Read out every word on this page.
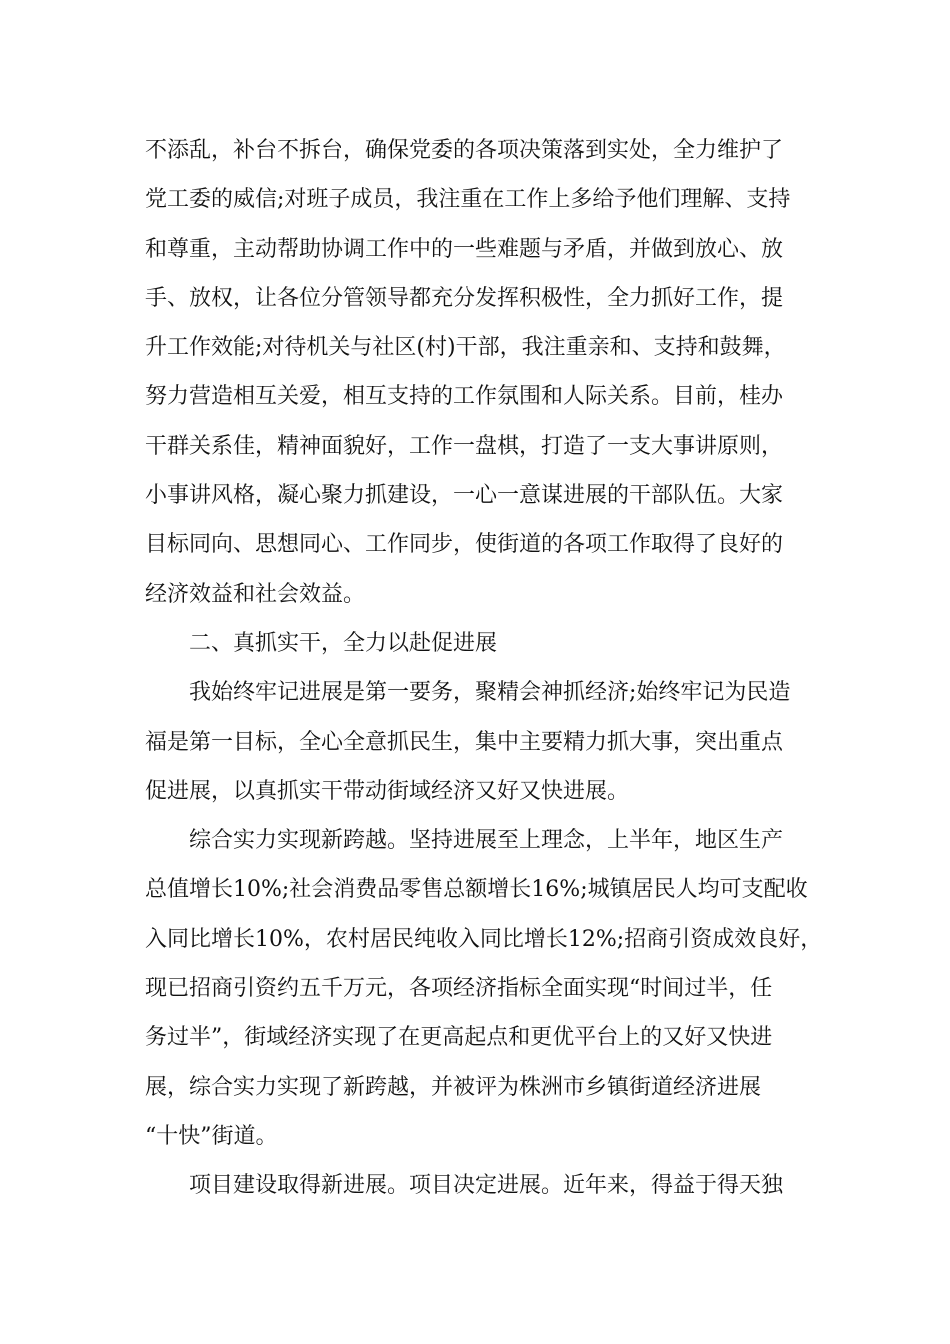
不添乱，补台不拆台，确保党委的各项决策落到实处，全力维护了
党工委的威信;对班子成员，我注重在工作上多给予他们理解、支持
和尊重，主动帮助协调工作中的一些难题与矛盾，并做到放心、放
手、放权，让各位分管领导都充分发挥积极性，全力抓好工作，提
升工作效能;对待机关与社区(村)干部，我注重亲和、支持和鼓舞，
努力营造相互关爱，相互支持的工作氛围和人际关系。目前，桂办
干群关系佳，精神面貌好，工作一盘棋，打造了一支大事讲原则，
小事讲风格，凝心聚力抓建设，一心一意谋进展的干部队伍。大家
目标同向、思想同心、工作同步，使街道的各项工作取得了良好的
经济效益和社会效益。
二、真抓实干，全力以赴促进展
我始终牢记进展是第一要务，聚精会神抓经济;始终牢记为民造
福是第一目标，全心全意抓民生，集中主要精力抓大事，突出重点
促进展，以真抓实干带动街域经济又好又快进展。
综合实力实现新跨越。坚持进展至上理念，上半年，地区生产
总值增长10%;社会消费品零售总额增长16%;城镇居民人均可支配收
入同比增长10%，农村居民纯收入同比增长12%;招商引资成效良好，
现已招商引资约五千万元，各项经济指标全面实现“时间过半，任
务过半”，街域经济实现了在更高起点和更优平台上的又好又快进
展，综合实力实现了新跨越，并被评为株洲市乡镇街道经济进展
“十快”街道。
项目建设取得新进展。项目决定进展。近年来，得益于得天独
